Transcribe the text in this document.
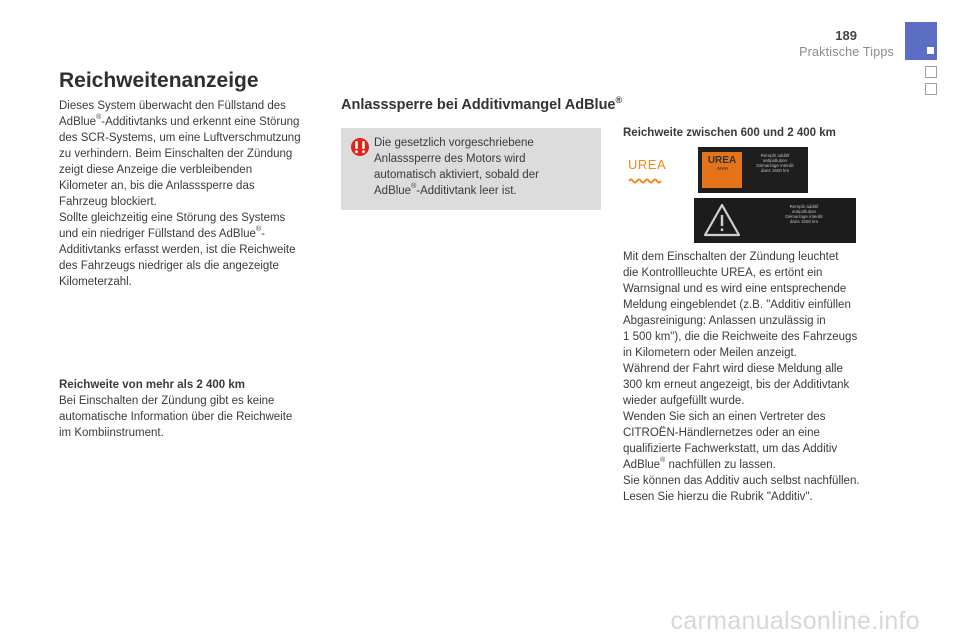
189
Praktische Tipps
Reichweitenanzeige

Dieses System überwacht den Füllstand des

AdBlue®-Additivtanks und erkennt eine Störung

des SCR-Systems, um eine Luftverschmutzung

zu verhindern. Beim Einschalten der Zündung

zeigt diese Anzeige die verbleibenden

Kilometer an, bis die Anlasssperre das

Fahrzeug blockiert.

Sollte gleichzeitig eine Störung des Systems

und ein niedriger Füllstand des AdBlue®-

Additivtanks erfasst werden, ist die Reichweite

des Fahrzeugs niedriger als die angezeigte

Kilometerzahl.

Reichweite von mehr als 2 400 km

Bei Einschalten der Zündung gibt es keine

automatische Information über die Reichweite

im Kombiinstrument.

Anlasssperre bei Additivmangel AdBlue®
Die gesetzlich vorgeschriebene
Anlasssperre des Motors wird
automatisch aktiviert, sobald der
AdBlue®-Additivtank leer ist.
Reichweite zwischen 600 und 2 400 km
UREA	UREA
^^^^
Remplir additif
antipollution
Démarrage interdit
dans 1500 km
Remplir additif
antipollution
Démarrage interdit
dans 1500 km

Mit dem Einschalten der Zündung leuchtet

die Kontrollleuchte UREA, es ertönt ein

Warnsignal und es wird eine entsprechende

Meldung eingeblendet (z.B. "Additiv einfüllen

Abgasreinigung: Anlassen unzulässig in

1 500 km"), die die Reichweite des Fahrzeugs

in Kilometern oder Meilen anzeigt.

Während der Fahrt wird diese Meldung alle

300 km erneut angezeigt, bis der Additivtank

wieder aufgefüllt wurde.

Wenden Sie sich an einen Vertreter des

CITROËN-Händlernetzes oder an eine

qualifizierte Fachwerkstatt, um das Additiv

AdBlue® nachfüllen zu lassen.

Sie können das Additiv auch selbst nachfüllen.

Lesen Sie hierzu die Rubrik "Additiv".

carmanualsonline.info
